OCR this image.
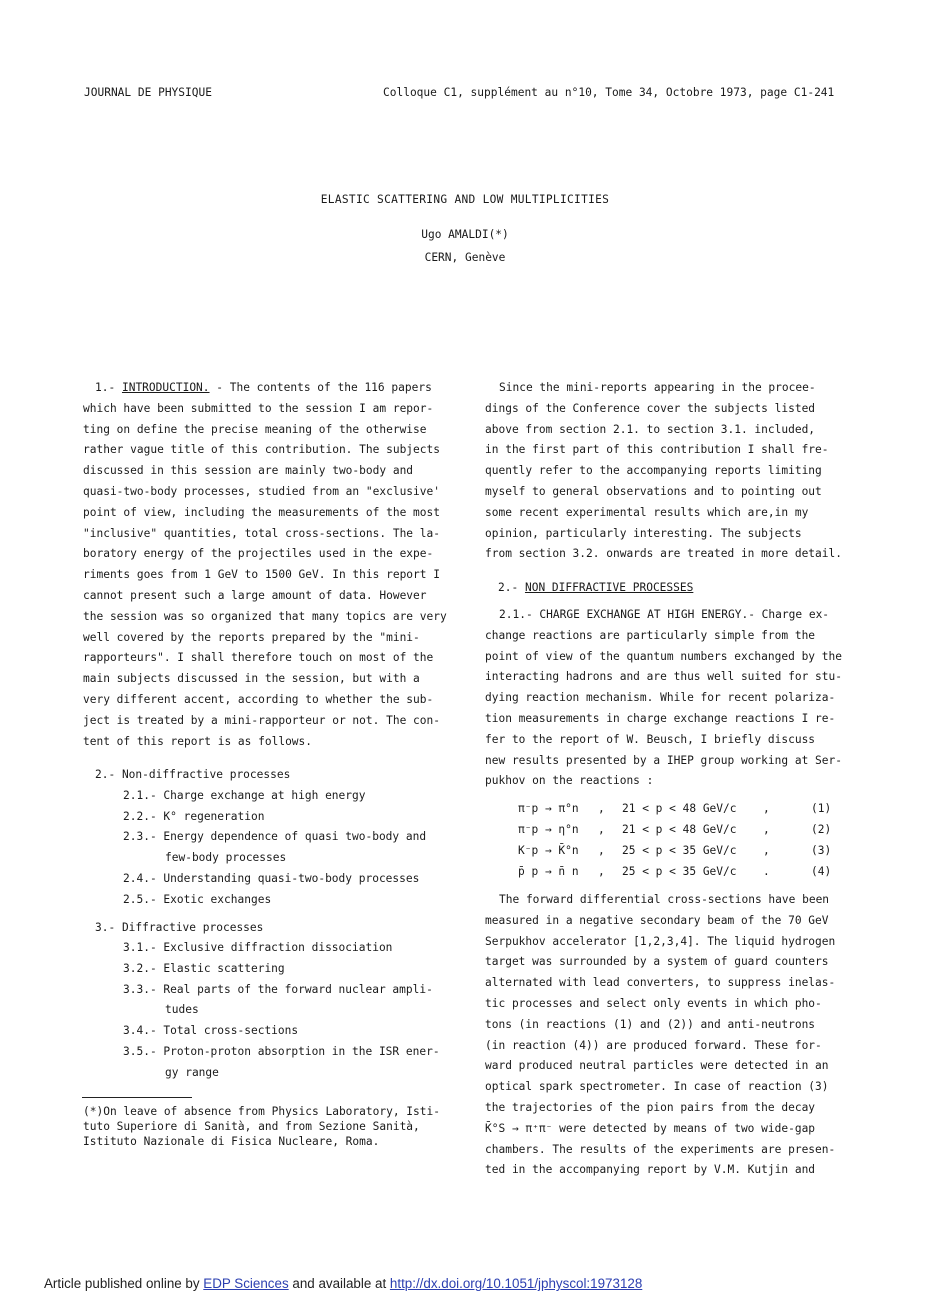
JOURNAL DE PHYSIQUE	Colloque C1, supplément au n°10, Tome 34, Octobre 1973, page C1-241
ELASTIC SCATTERING AND LOW MULTIPLICITIES
Ugo AMALDI(*)
CERN, Genève
1.- INTRODUCTION. - The contents of the 116 papers
which have been submitted to the session I am repor-
ting on define the precise meaning of the otherwise
rather vague title of this contribution. The subjects
discussed in this session are mainly two-body and
quasi-two-body processes, studied from an "exclusive'
point of view, including the measurements of the most
"inclusive" quantities, total cross-sections. The la-
boratory energy of the projectiles used in the expe-
riments goes from 1 GeV to 1500 GeV. In this report I
cannot present such a large amount of data. However
the session was so organized that many topics are very
well covered by the reports prepared by the "mini-
rapporteurs". I shall therefore touch on most of the
main subjects discussed in the session, but with a
very different accent, according to whether the sub-
ject is treated by a mini-rapporteur or not. The con-
tent of this report is as follows.
2.- Non-diffractive processes
2.1.- Charge exchange at high energy
2.2.- K° regeneration
2.3.- Energy dependence of quasi two-body and
few-body processes
2.4.- Understanding quasi-two-body processes
2.5.- Exotic exchanges
3.- Diffractive processes
3.1.- Exclusive diffraction dissociation
3.2.- Elastic scattering
3.3.- Real parts of the forward nuclear ampli-
tudes
3.4.- Total cross-sections
3.5.- Proton-proton absorption in the ISR ener-
gy range
(*)On leave of absence from Physics Laboratory, Isti-
tuto Superiore di Sanità, and from Sezione Sanità,
Istituto Nazionale di Fisica Nucleare, Roma.
Since the mini-reports appearing in the procee-
dings of the Conference cover the subjects listed
above from section 2.1. to section 3.1. included,
in the first part of this contribution I shall fre-
quently refer to the accompanying reports limiting
myself to general observations and to pointing out
some recent experimental results which are,in my
opinion, particularly interesting. The subjects
from section 3.2. onwards are treated in more detail.
2.- NON DIFFRACTIVE PROCESSES
2.1.- CHARGE EXCHANGE AT HIGH ENERGY.- Charge ex-
change reactions are particularly simple from the
point of view of the quantum numbers exchanged by the
interacting hadrons and are thus well suited for stu-
dying reaction mechanism. While for recent polariza-
tion measurements in charge exchange reactions I re-
fer to the report of W. Beusch, I briefly discuss
new results presented by a IHEP group working at Ser-
pukhov on the reactions :
π⁻p → π°n , 21 < p < 48 GeV/c ,	(1)
π⁻p → η°n , 21 < p < 48 GeV/c ,	(2)
K⁻p → K̄°n , 25 < p < 35 GeV/c ,	(3)
p̄ p → n̄ n , 25 < p < 35 GeV/c .	(4)
The forward differential cross-sections have been
measured in a negative secondary beam of the 70 GeV
Serpukhov accelerator [1,2,3,4]. The liquid hydrogen
target was surrounded by a system of guard counters
alternated with lead converters, to suppress inelas-
tic processes and select only events in which pho-
tons (in reactions (1) and (2)) and anti-neutrons
(in reaction (4)) are produced forward. These for-
ward produced neutral particles were detected in an
optical spark spectrometer. In case of reaction (3)
the trajectories of the pion pairs from the decay
K̄°S → π⁺π⁻ were detected by means of two wide-gap
chambers. The results of the experiments are presen-
ted in the accompanying report by V.M. Kutjin and
Article published online by EDP Sciences and available at http://dx.doi.org/10.1051/jphyscol:1973128
